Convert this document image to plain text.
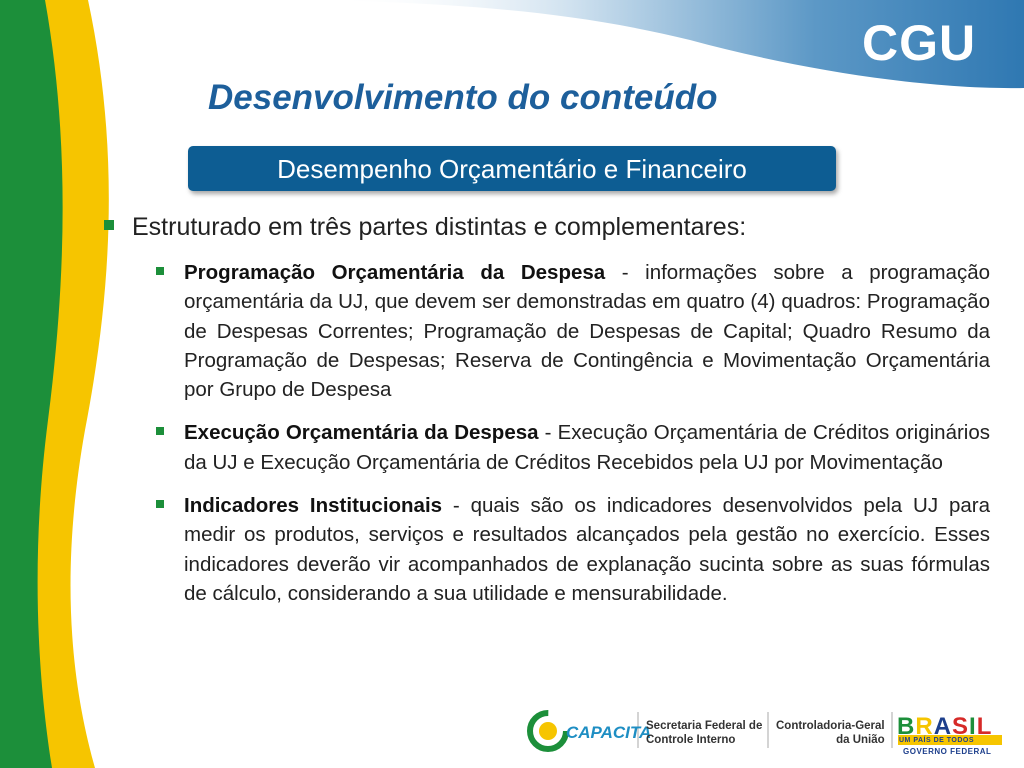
CGU
Desenvolvimento do conteúdo
Desempenho Orçamentário e Financeiro
Estruturado em três partes distintas e complementares:
Programação Orçamentária da Despesa - informações sobre a programação orçamentária da UJ, que devem ser demonstradas em quatro (4) quadros: Programação de Despesas Correntes; Programação de Despesas de Capital; Quadro Resumo da Programação de Despesas; Reserva de Contingência e Movimentação Orçamentária por Grupo de Despesa
Execução Orçamentária da Despesa - Execução Orçamentária de Créditos originários da UJ e Execução Orçamentária de Créditos Recebidos pela UJ por Movimentação
Indicadores Institucionais - quais são os indicadores desenvolvidos pela UJ para medir os produtos, serviços e resultados alcançados pela gestão no exercício. Esses indicadores deverão vir acompanhados de explanação sucinta sobre as suas fórmulas de cálculo, considerando a sua utilidade e mensurabilidade.
CAPACITA
Secretaria Federal de
Controle Interno
Controladoria-Geral
da União BRASIL
UM PAÍS DE TODOS
GOVERNO FEDERAL
